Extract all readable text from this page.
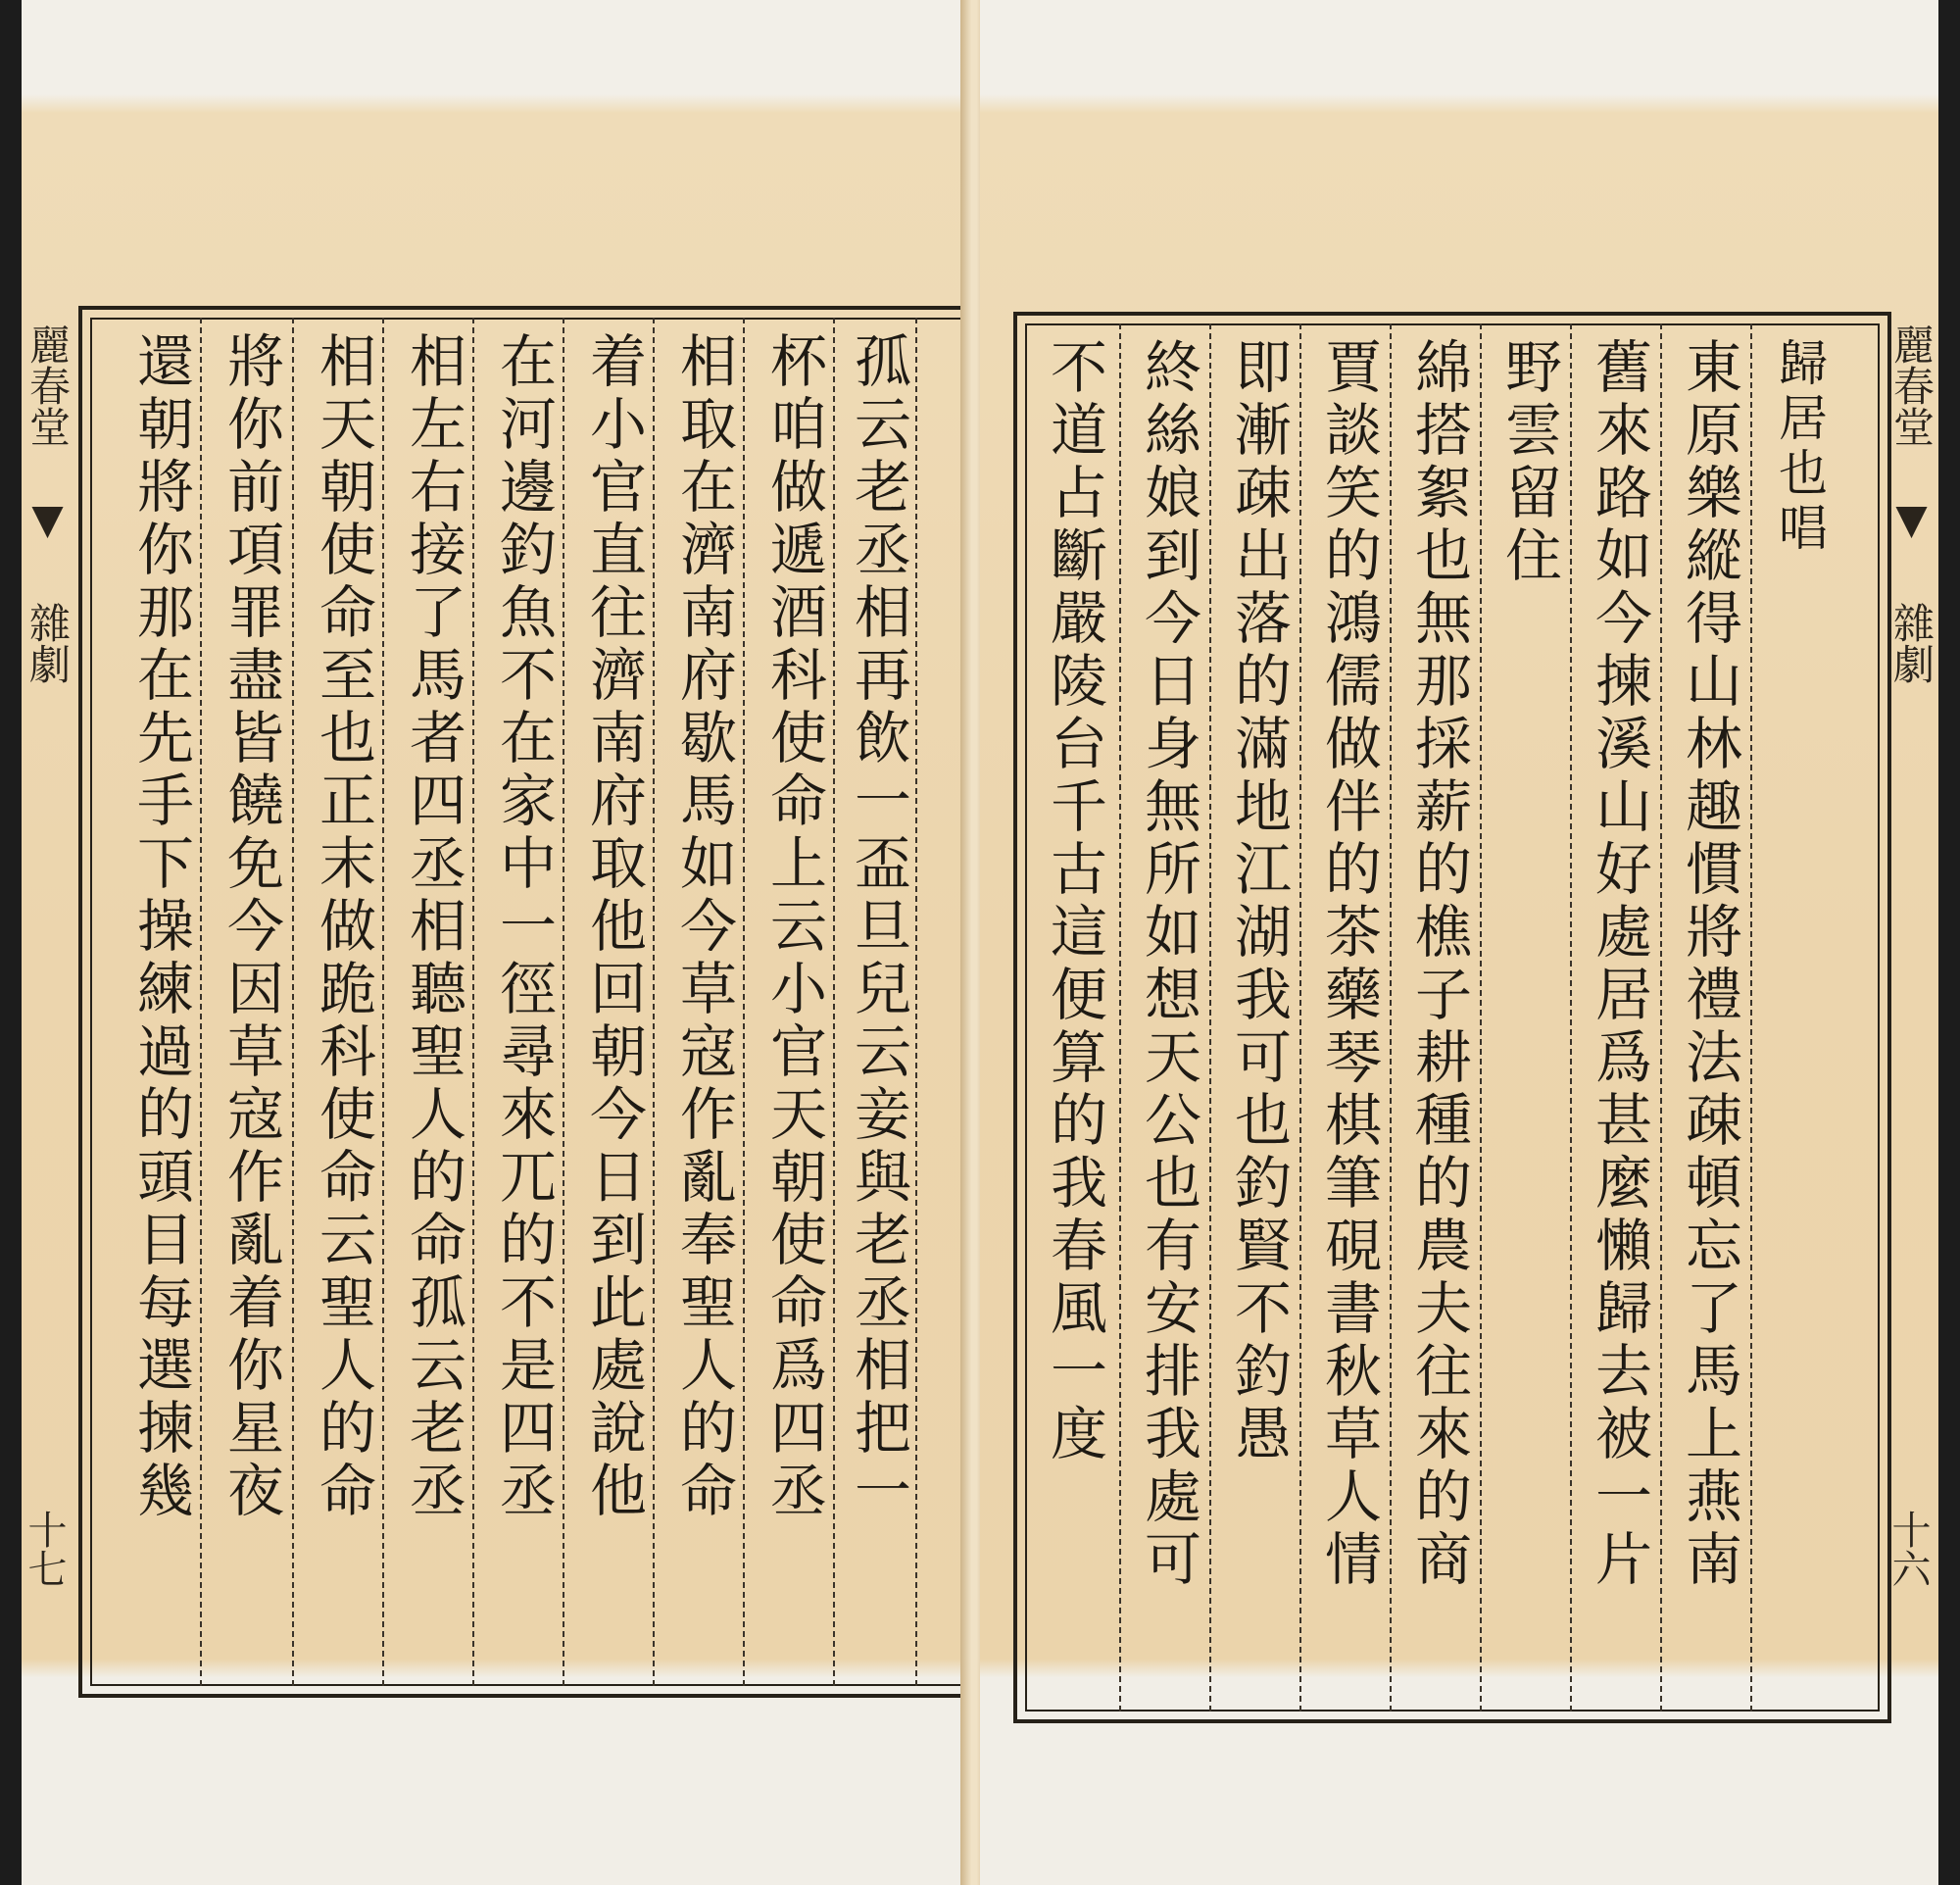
麗春堂 ▼ 雜劇
十七
還朝將你那在先手下操練過的頭目每選揀幾 將你前項罪盡皆饒免今因草寇作亂着你星夜 相天朝使命至也正末做跪科使命云聖人的命 相左右接了馬者四丞相聽聖人的命孤云老丞 在河邊釣魚不在家中一徑尋來兀的不是四丞 着小官直往濟南府取他回朝今日到此處說他 相取在濟南府歇馬如今草寇作亂奉聖人的命 杯咱做遞酒科使命上云小官天朝使命爲四丞 孤云老丞相再飲一盃旦兒云妾與老丞相把一 不道占斷嚴陵台千古這便算的我春風一度 終絲娘到今日身無所如想天公也有安排我處可 即漸疎出落的滿地江湖我可也釣賢不釣愚 賈談笑的鴻儒做伴的茶藥琴棋筆硯書秋草人情 綿搭絮也無那採薪的樵子耕種的農夫往來的商 野雲留住 舊來路如今揀溪山好處居爲甚麼懶歸去被一片 東原樂縱得山林趣慣將禮法疎頓忘了馬上燕南 歸居也唱 麗春堂 ▼ 雜劇
十六
